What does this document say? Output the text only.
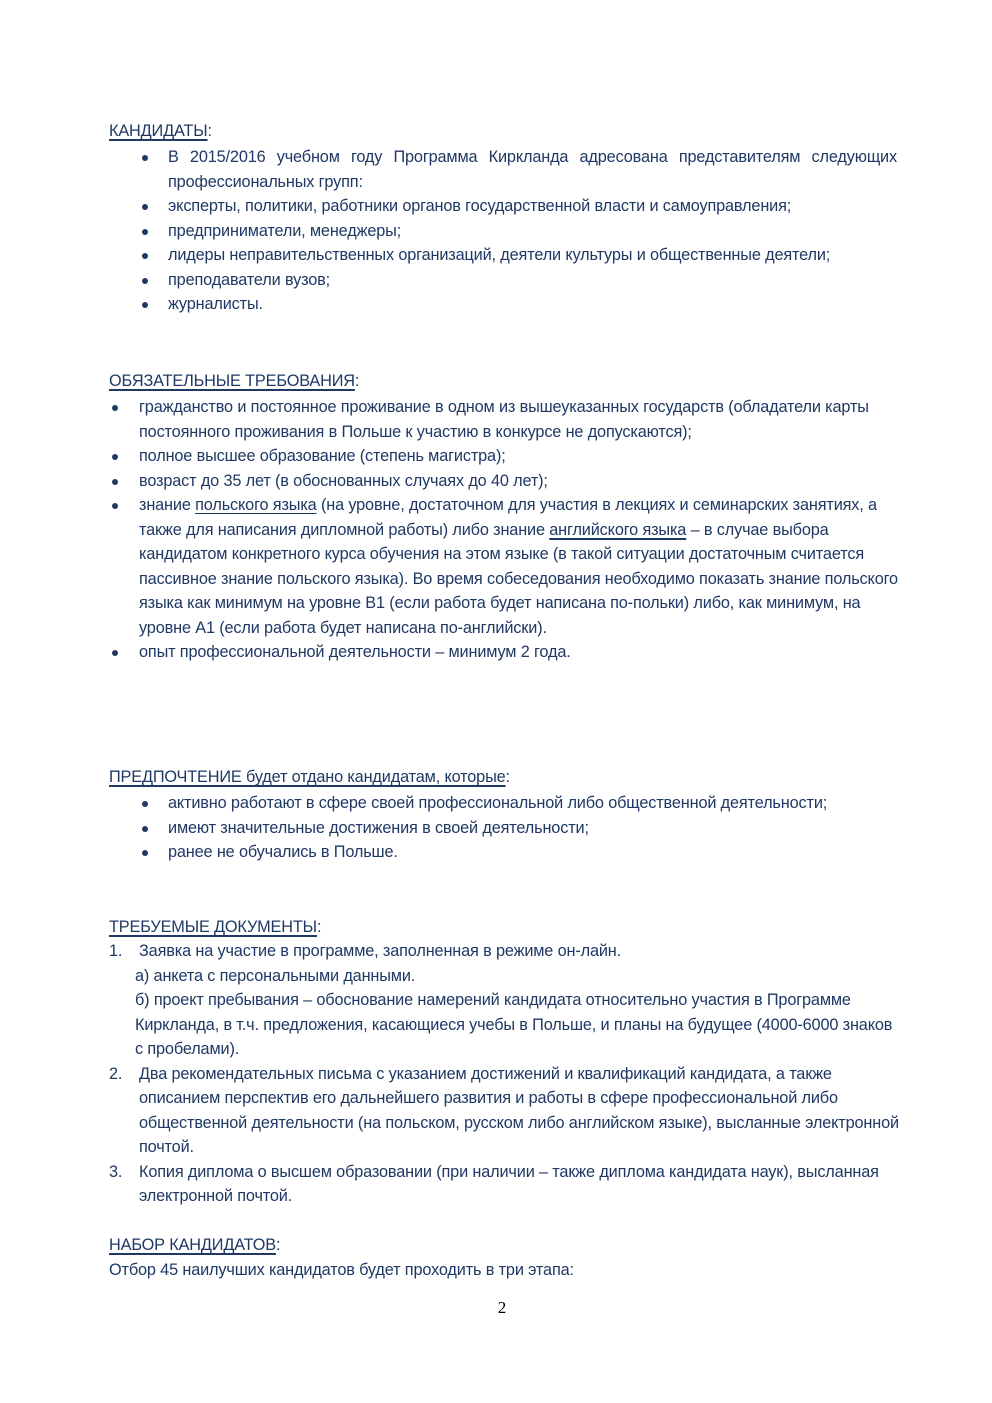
КАНДИДАТЫ:
В 2015/2016 учебном году Программа Киркланда адресована представителям следующих профессиональных групп:
эксперты, политики, работники органов государственной власти и самоуправления;
предприниматели, менеджеры;
лидеры неправительственных организаций, деятели культуры и общественные деятели;
преподаватели вузов;
журналисты.
ОБЯЗАТЕЛЬНЫЕ ТРЕБОВАНИЯ:
гражданство и постоянное проживание в одном из вышеуказанных государств (обладатели карты постоянного проживания в Польше к участию в конкурсе не допускаются);
полное высшее образование (степень магистра);
возраст до 35 лет (в обоснованных случаях до 40 лет);
знание польского языка (на уровне, достаточном для участия в лекциях и семинарских занятиях, а также для написания дипломной работы) либо знание английского языка – в случае выбора кандидатом конкретного курса обучения на этом языке (в такой ситуации достаточным считается пассивное знание польского языка). Во время собеседования необходимо показать знание польского языка как минимум на уровне B1 (если работа будет написана по-польки) либо, как минимум, на уровне A1 (если работа будет написана по-английски).
опыт профессиональной деятельности – минимум 2 года.
ПРЕДПОЧТЕНИЕ будет отдано кандидатам, которые:
активно работают в сфере своей профессиональной либо общественной деятельности;
имеют значительные достижения в своей деятельности;
ранее не обучались в Польше.
ТРЕБУЕМЫЕ ДОКУМЕНТЫ:
1. Заявка на участие в программе, заполненная в режиме он-лайн.
а) анкета с персональными данными.
б) проект пребывания – обоснование намерений кандидата относительно участия в Программе Киркланда, в т.ч. предложения, касающиеся учебы в Польше, и планы на будущее (4000-6000 знаков с пробелами).
2. Два рекомендательных письма с указанием достижений и квалификаций кандидата, а также описанием перспектив его дальнейшего развития и работы в сфере профессиональной либо общественной деятельности (на польском, русском либо английском языке), высланные электронной почтой.
3. Копия диплома о высшем образовании (при наличии – также диплома кандидата наук), высланная электронной почтой.
НАБОР КАНДИДАТОВ:
Отбор 45 наилучших кандидатов будет проходить в три этапа:
2
